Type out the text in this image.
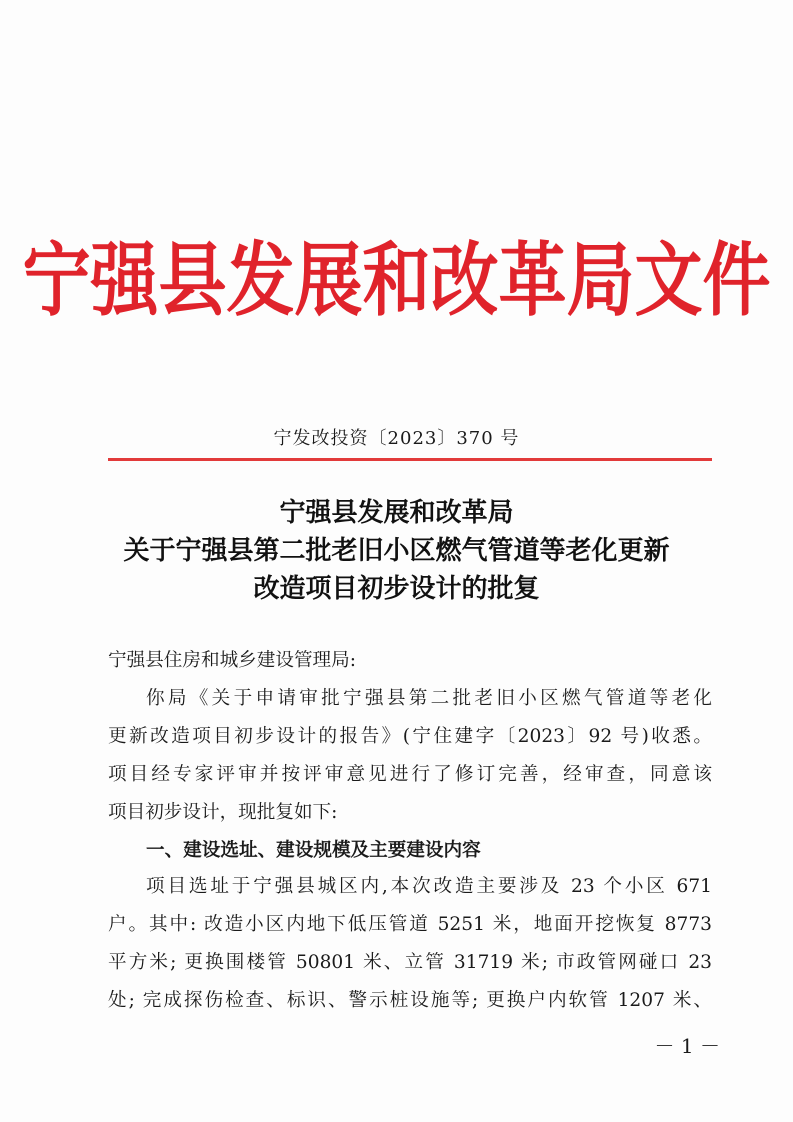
宁强县发展和改革局文件
宁发改投资〔2023〕370 号
宁强县发展和改革局
关于宁强县第二批老旧小区燃气管道等老化更新
改造项目初步设计的批复
宁强县住房和城乡建设管理局:
你局《关于申请审批宁强县第二批老旧小区燃气管道等老化
更新改造项目初步设计的报告》(宁住建字〔2023〕92 号)收悉。
项目经专家评审并按评审意见进行了修订完善，经审查，同意该
项目初步设计，现批复如下:
一、建设选址、建设规模及主要建设内容
项目选址于宁强县城区内,本次改造主要涉及 23 个小区 671
户。其中: 改造小区内地下低压管道 5251 米，地面开挖恢复 8773
平方米; 更换围楼管 50801 米、立管 31719 米; 市政管网碰口 23
处; 完成探伤检查、标识、警示桩设施等; 更换户内软管 1207 米、
－ 1 －
